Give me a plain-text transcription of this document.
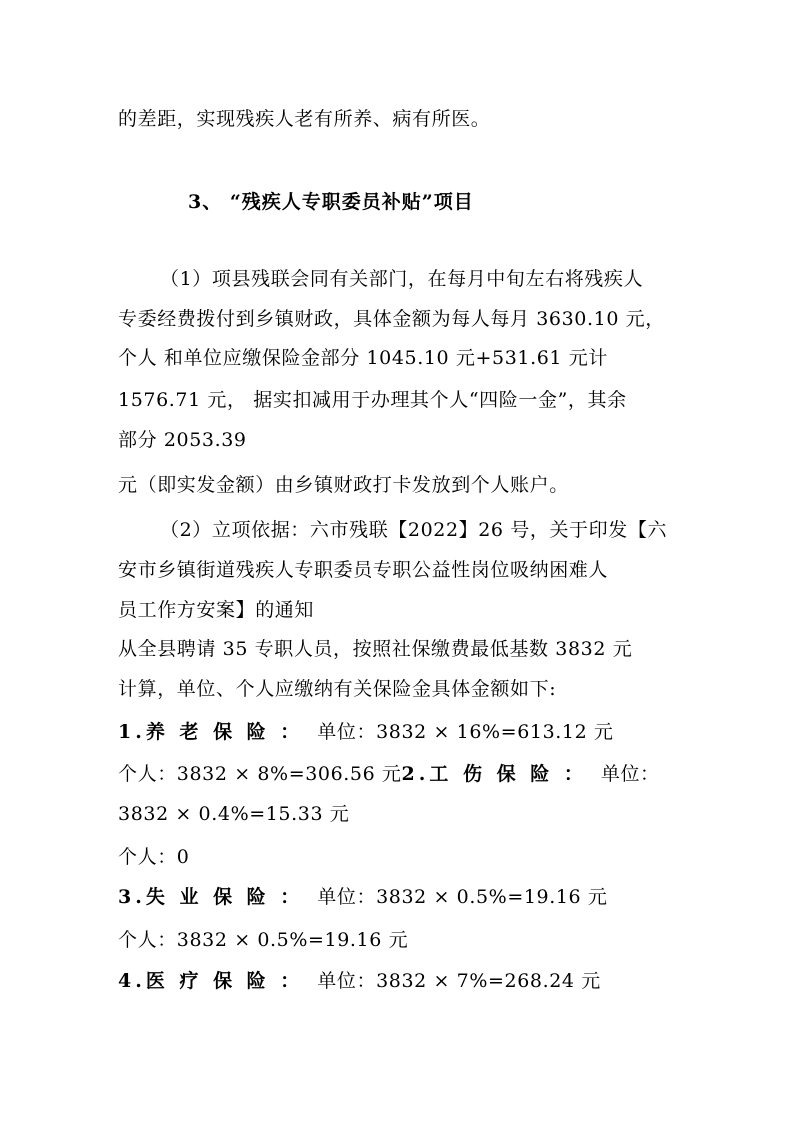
的差距，实现残疾人老有所养、病有所医。
3、 “残疾人专职委员补贴”项目
（1）项县残联会同有关部门，在每月中旬左右将残疾人
专委经费拨付到乡镇财政，具体金额为每人每月 3630.10 元，
个人 和单位应缴保险金部分 1045.10 元+531.61 元计
1576.71 元， 据实扣减用于办理其个人“四险一金”，其余
部分 2053.39
元（即实发金额）由乡镇财政打卡发放到个人账户。
（2）立项依据：六市残联【2022】26 号，关于印发【六
安市乡镇街道残疾人专职委员专职公益性岗位吸纳困难人
员工作方安案】的通知
从全县聘请 35 专职人员，按照社保缴费最低基数 3832 元
计算，单位、个人应缴纳有关保险金具体金额如下:
1.养 老 保 险 ： 单位：3832 × 16%=613.12 元
个人：3832 × 8%=306.56 元2.工 伤 保 险 ： 单位：
3832 × 0.4%=15.33 元
个人：0
3.失 业 保 险 ： 单位：3832 × 0.5%=19.16 元
个人：3832 × 0.5%=19.16 元
4.医 疗 保 险 ： 单位：3832 × 7%=268.24 元
